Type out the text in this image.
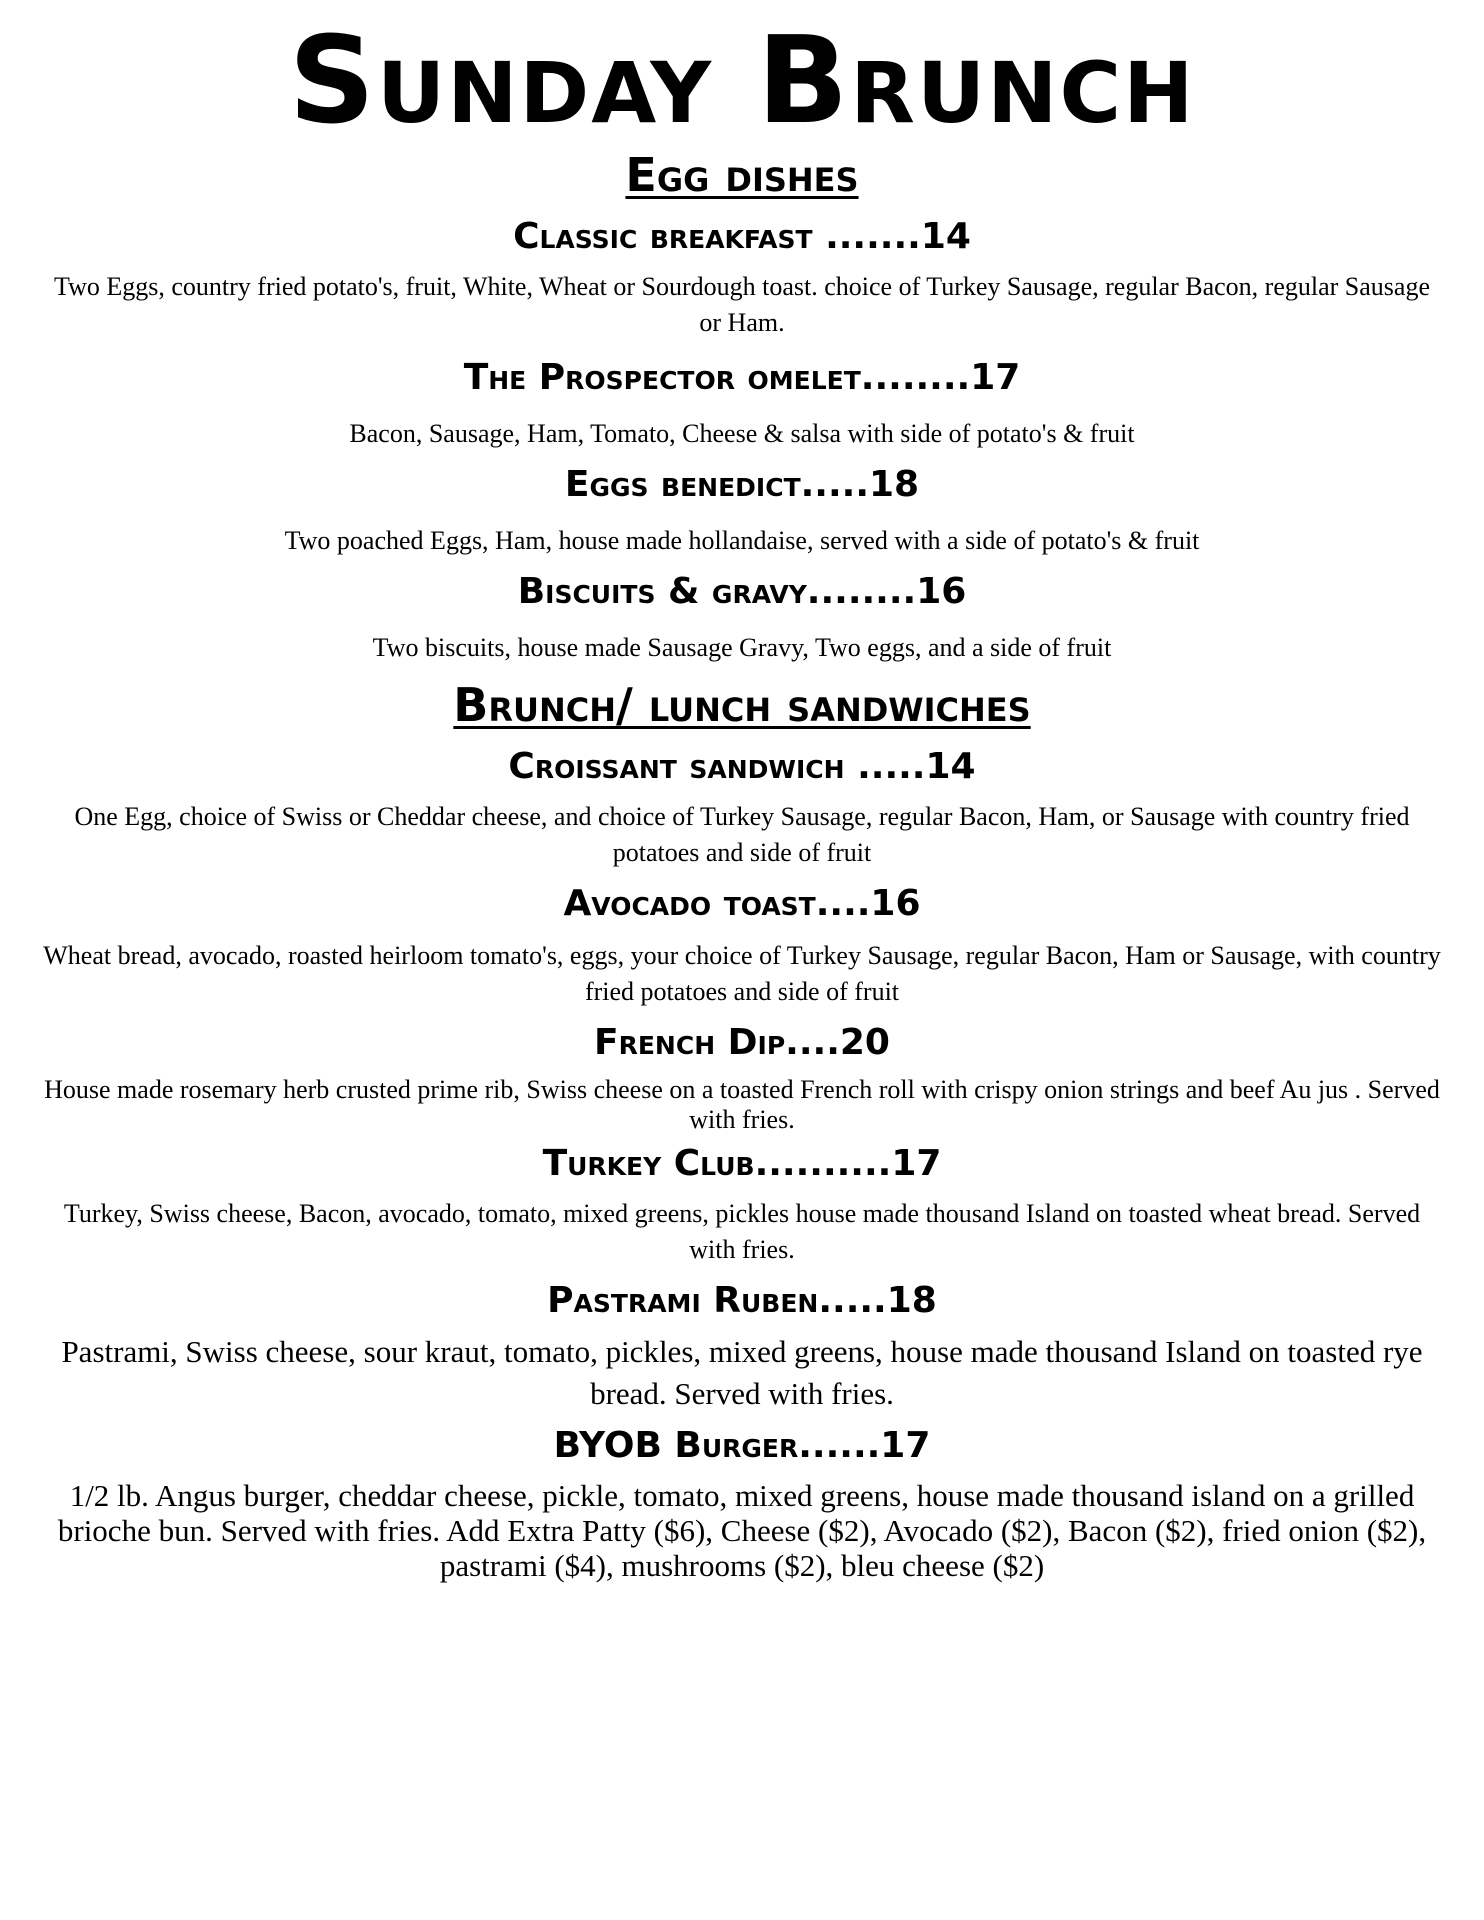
Sunday Brunch
Egg dishes
Classic breakfast .......14

Two Eggs, country fried potato's, fruit, White, Wheat or Sourdough toast. choice of Turkey Sausage, regular Bacon, regular Sausage or Ham.

The Prospector omelet........17

Bacon, Sausage, Ham, Tomato, Cheese & salsa with side of potato's & fruit

Eggs benedict.....18

Two poached Eggs, Ham, house made hollandaise, served with a side of potato's & fruit

Biscuits & gravy........16

Two biscuits, house made Sausage Gravy, Two eggs, and a side of fruit

Brunch/ lunch sandwiches
Croissant sandwich .....14

One Egg, choice of Swiss or Cheddar cheese, and choice of Turkey Sausage, regular Bacon, Ham, or Sausage with country fried potatoes and side of fruit

Avocado toast....16

Wheat bread, avocado, roasted heirloom tomato's, eggs, your choice of Turkey Sausage, regular Bacon, Ham or Sausage, with country fried potatoes and side of fruit

French Dip....20

House made rosemary herb crusted prime rib, Swiss cheese on a toasted French roll with crispy onion strings and beef Au jus . Served with fries.

Turkey Club..........17

Turkey, Swiss cheese, Bacon, avocado, tomato, mixed greens, pickles house made thousand Island on toasted wheat bread. Served with fries.

Pastrami Ruben.....18

Pastrami, Swiss cheese, sour kraut, tomato, pickles, mixed greens, house made thousand Island on toasted rye bread. Served with fries.

BYOB Burger......17

1/2 lb. Angus burger, cheddar cheese, pickle, tomato, mixed greens, house made thousand island on a grilled brioche bun. Served with fries. Add Extra Patty ($6), Cheese ($2), Avocado ($2), Bacon ($2), fried onion ($2), pastrami ($4), mushrooms ($2), bleu cheese ($2)
